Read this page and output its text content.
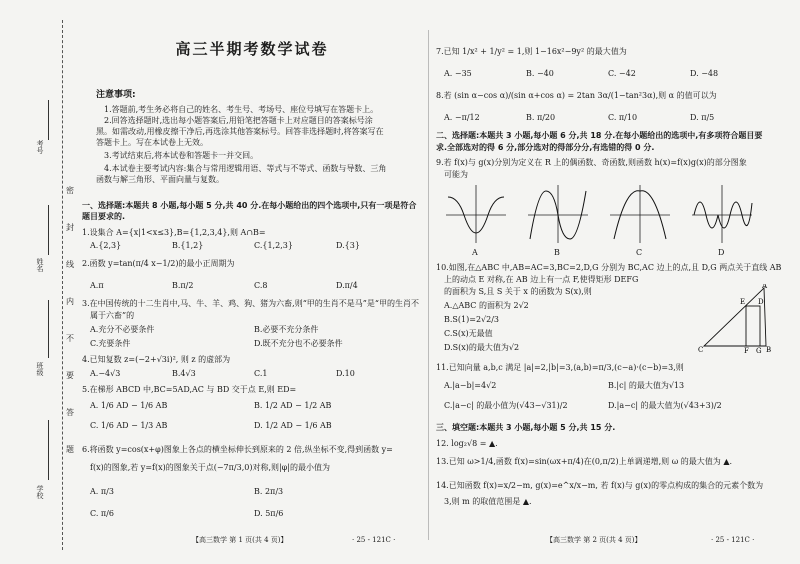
考号
姓名
班级
学校
密
封
线
内
不
要
答
题
高三半期考数学试卷
注意事项:
1.答题前,考生务必将自己的姓名、考生号、考场号、座位号填写在答题卡上。
2.回答选择题时,选出每小题答案后,用铅笔把答题卡上对应题目的答案标号涂
黑。如需改动,用橡皮擦干净后,再选涂其他答案标号。回答非选择题时,将答案写在
答题卡上。写在本试卷上无效。
3.考试结束后,将本试卷和答题卡一并交回。
4.本试卷主要考试内容:集合与常用逻辑用语、等式与不等式、函数与导数、三角
函数与解三角形、平面向量与复数。
一、选择题:本题共 8 小题,每小题 5 分,共 40 分.在每小题给出的四个选项中,只有一项是符合
题目要求的.
1.设集合 A={x|1<x≤3},B={1,2,3,4},则 A∩B=
A.{2,3}	B.{1,2}	C.{1,2,3}	D.{3}
2.函数 y=tan(π/4 x−1/2)的最小正周期为
A.π	B.π/2	C.8	D.π/4
3.在中国传统的十二生肖中,马、牛、羊、鸡、狗、猪为六畜,则“甲的生肖不是马”是“甲的生肖不
属于六畜”的
A.充分不必要条件	B.必要不充分条件
C.充要条件	D.既不充分也不必要条件
4.已知复数 z=(−2+√3i)², 则 z 的虚部为
A.−4√3	B.4√3	C.1	D.10
5.在梯形 ABCD 中,BC=5AD,AC 与 BD 交于点 E,则 ED=
A. 1/6 AD − 1/6 AB	B. 1/2 AD − 1/2 AB
C. 1/6 AD − 1/3 AB	D. 1/2 AD − 1/6 AB
6.将函数 y=cos(x+φ)图象上各点的横坐标伸长到原来的 2 倍,纵坐标不变,得到函数 y=
f(x)的图象,若 y=f(x)的图象关于点(−7π/3,0)对称,则|φ|的最小值为
A. π/3	B. 2π/3
C. π/6	D. 5π/6
【高三数学 第 1 页(共 4 页)】	· 25 - 121C ·
7.已知 1/x² + 1/y² = 1,则 1−16x²−9y² 的最大值为
A. −35	B. −40	C. −42	D. −48
8.若 (sin α−cos α)/(sin α+cos α) = 2tan 3α/(1−tan²3α),则 α 的值可以为
A. −π/12	B. π/20	C. π/10	D. π/5
二、选择题:本题共 3 小题,每小题 6 分,共 18 分.在每小题给出的选项中,有多项符合题目要
求.全部选对的得 6 分,部分选对的得部分分,有选错的得 0 分.
9.若 f(x)与 g(x)分别为定义在 R 上的偶函数、奇函数,则函数 h(x)=f(x)g(x)的部分图象
可能为
A	B	C	D
10.如图,在△ABC 中,AB=AC=3,BC=2,D,G 分别为 BC,AC 边上的点,且 D,G 两点关于直线 AB
上的动点 E 对称,在 AB 边上有一点 F,使得矩形 DEFG
的面积为 S,且 S 关于 x 的函数为 S(x),则
A.△ABC 的面积为 2√2
B.S(1)=2√2/3
C.S(x)无最值
D.S(x)的最大值为√2
A
E D
C	B
F G
11.已知向量 a,b,c 满足 |a|=2,|b|=3,⟨a,b⟩=π/3,(c−a)·(c−b)=3,则
A.|a−b|=4√2	B.|c| 的最大值为√13
C.|a−c| 的最小值为(√43−√31)/2	D.|a−c| 的最大值为(√43+3)/2
三、填空题:本题共 3 小题,每小题 5 分,共 15 分.
12. log₂√8 = ▲.
13.已知 ω>1/4,函数 f(x)=sin(ωx+π/4)在(0,π/2)上单调递增,则 ω 的最大值为 ▲.
14.已知函数 f(x)=x/2−m, g(x)=e^x/x−m, 若 f(x)与 g(x)的零点构成的集合的元素个数为
3,则 m 的取值范围是 ▲.
【高三数学 第 2 页(共 4 页)】	· 25 - 121C ·
